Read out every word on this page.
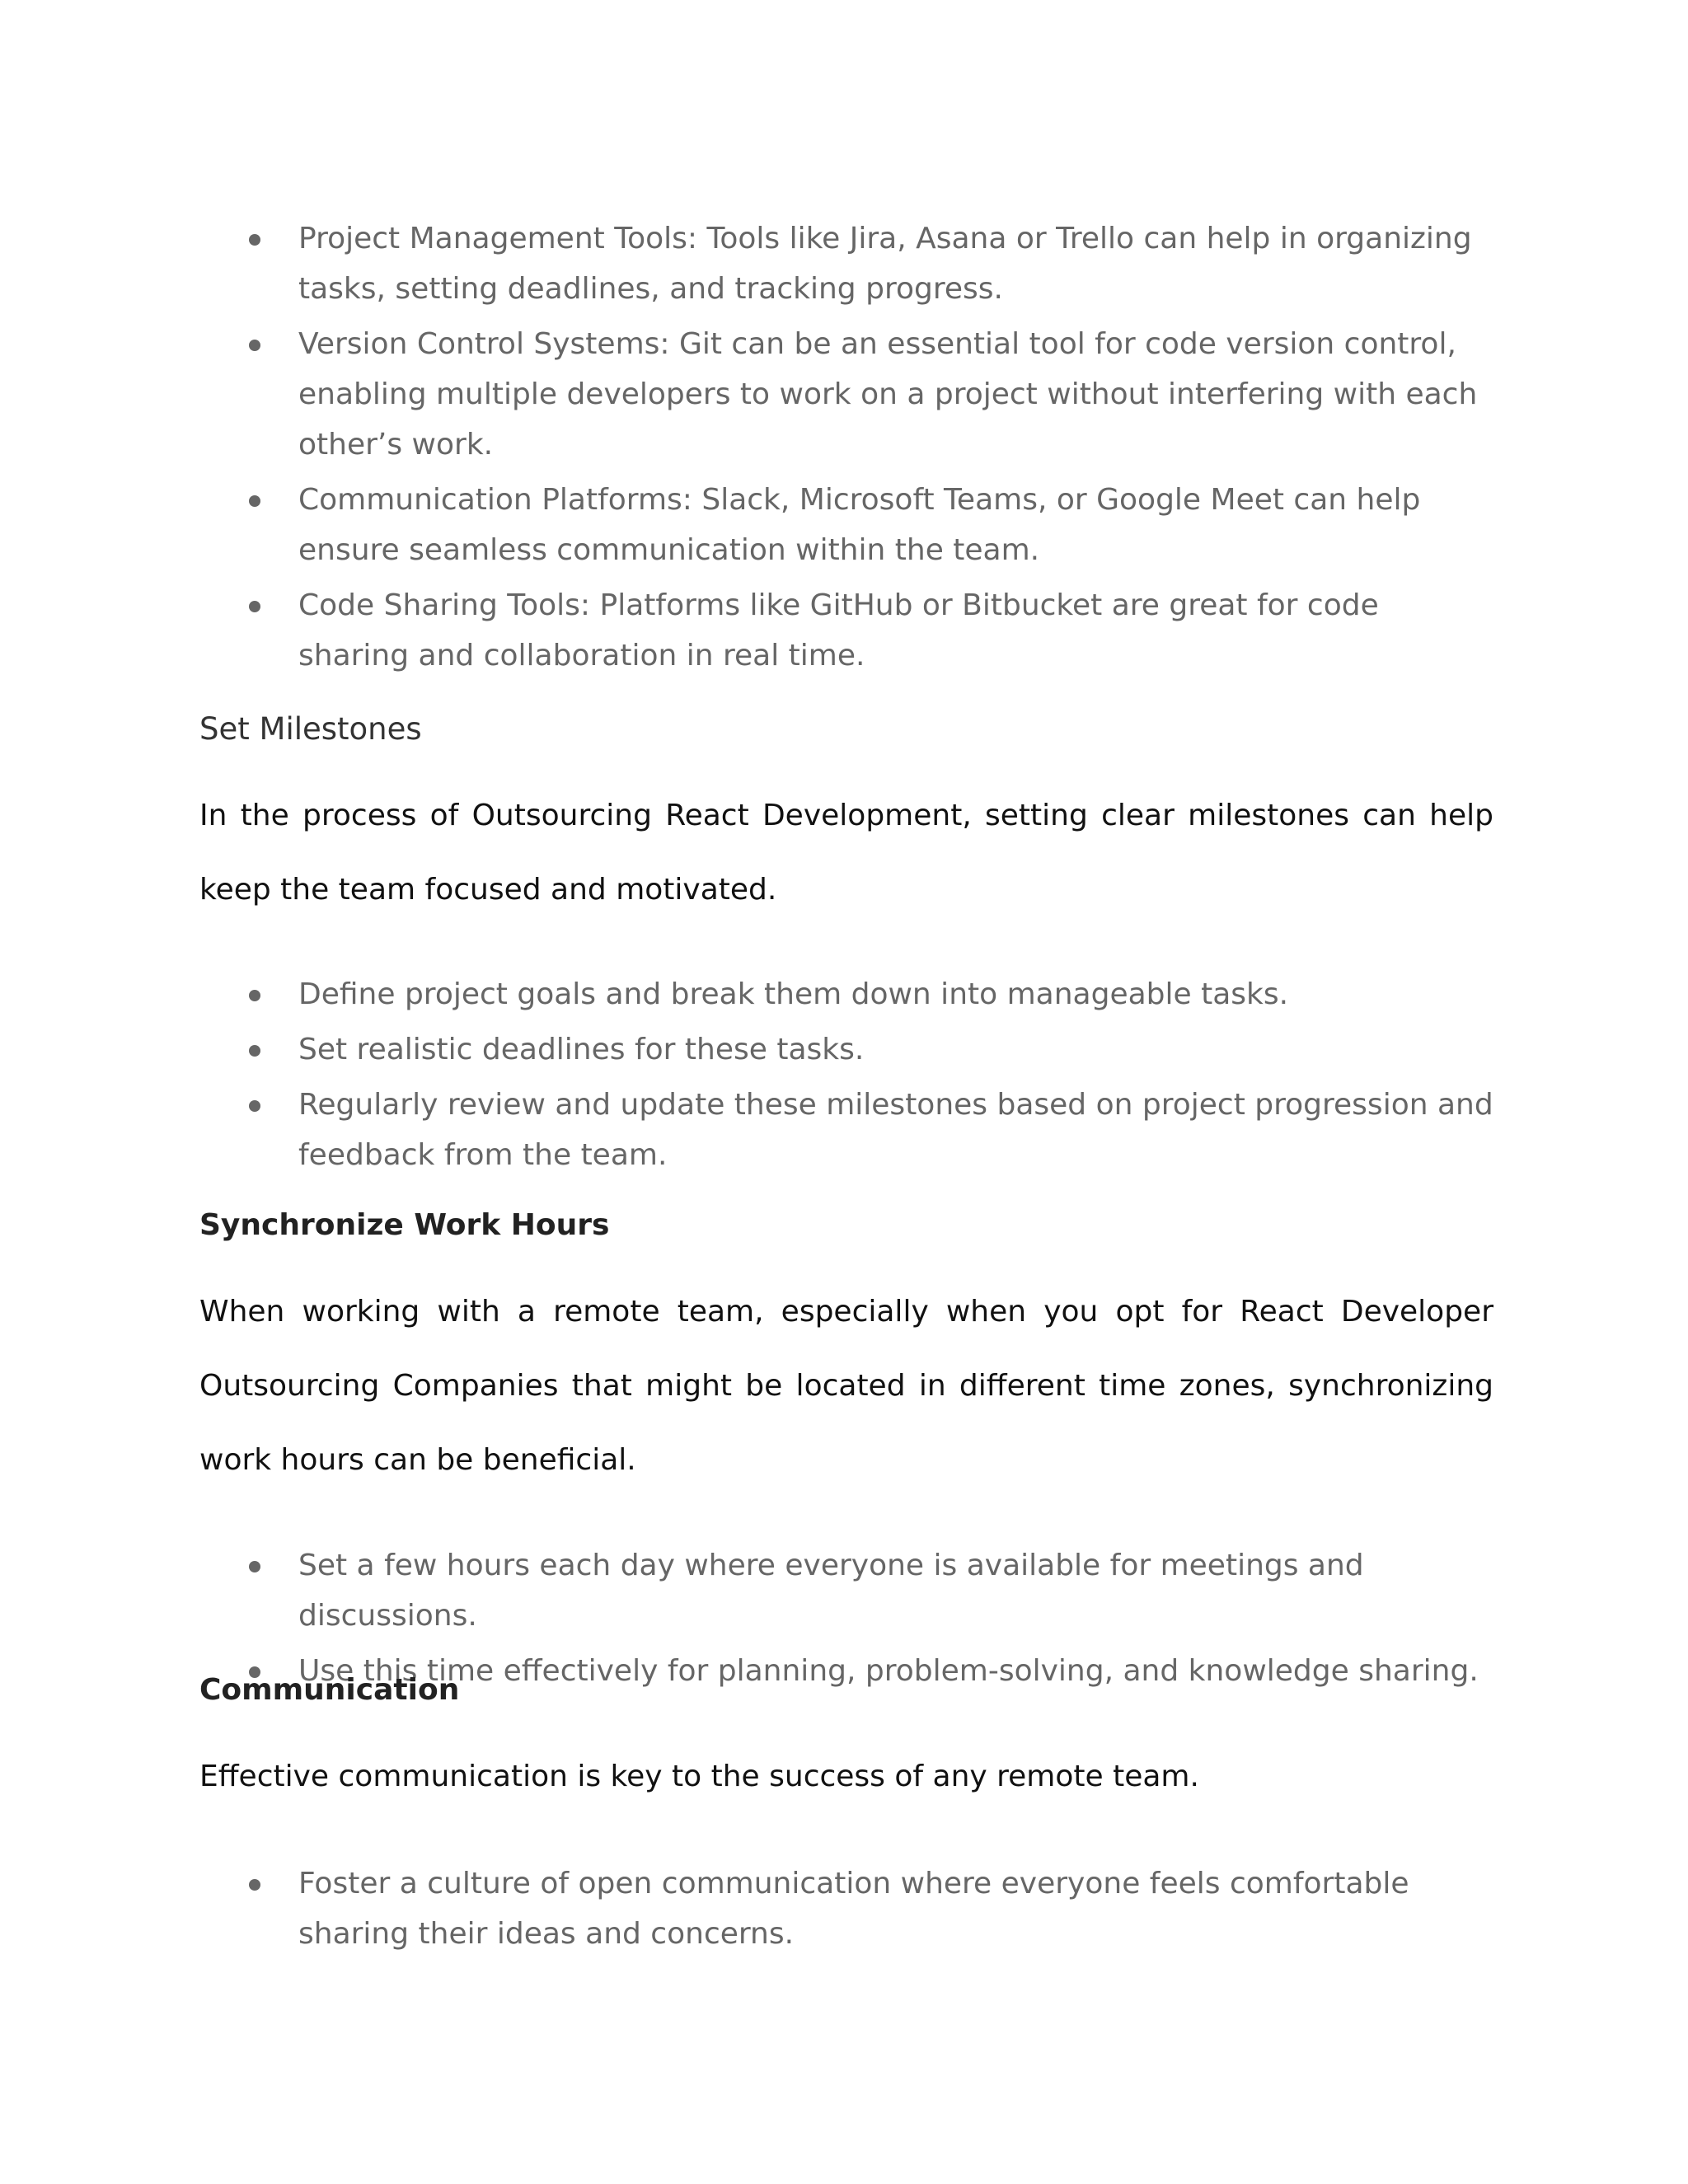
Project Management Tools: Tools like Jira, Asana or Trello can help in organizing tasks, setting deadlines, and tracking progress.
Version Control Systems: Git can be an essential tool for code version control, enabling multiple developers to work on a project without interfering with each other’s work.
Communication Platforms: Slack, Microsoft Teams, or Google Meet can help ensure seamless communication within the team.
Code Sharing Tools: Platforms like GitHub or Bitbucket are great for code sharing and collaboration in real time.
Set Milestones

In the process of Outsourcing React Development, setting clear milestones can help keep the team focused and motivated.

Define project goals and break them down into manageable tasks.
Set realistic deadlines for these tasks.
Regularly review and update these milestones based on project progression and feedback from the team.
Synchronize Work Hours

When working with a remote team, especially when you opt for React Developer Outsourcing Companies that might be located in different time zones, synchronizing work hours can be beneficial.

Set a few hours each day where everyone is available for meetings and discussions.
Use this time effectively for planning, problem-solving, and knowledge sharing.
Communication

Effective communication is key to the success of any remote team.

Foster a culture of open communication where everyone feels comfortable sharing their ideas and concerns.
